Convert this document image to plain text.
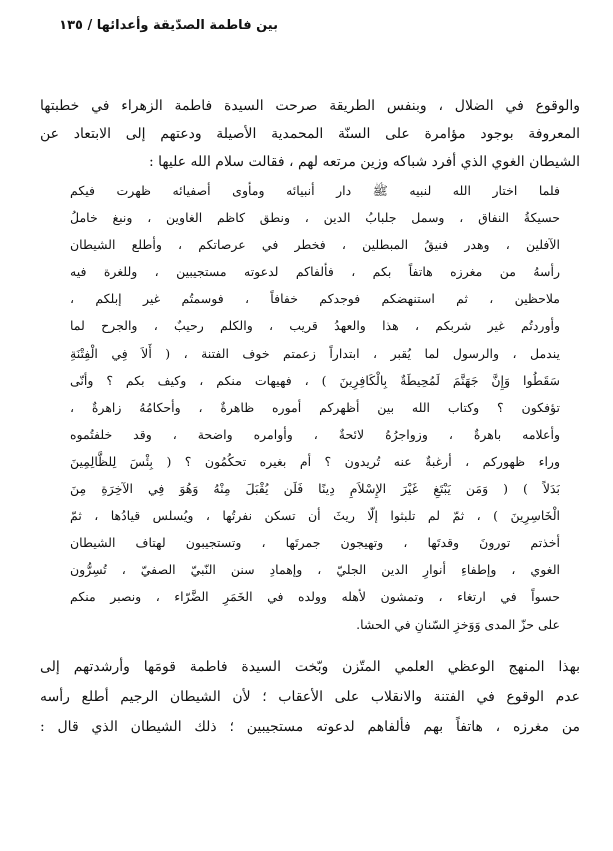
بين فاطمة الصدّيقة وأعدائها / ١٣٥
والوقوع في الضلال ، وبنفس الطريقة صرحت السيدة فاطمة الزهراء في خطبتها
المعروفة بوجود مؤامرة على السنّة المحمدية الأصيلة ودعتهم إلى الابتعاد عن
الشيطان الغوي الذي أفرد شباكه وزين مرتعه لهم ، فقالت سلام الله عليها :
فلما اختار الله لنبيه ﷺ دار أنبيائه ومأوى أصفيائه ظهرت فيكم
حسيكةُ النفاق ، وسمل جلبابُ الدين ، ونطق كاظم الغاوين ، ونبغ خاملُ
الآفلين ، وهدر فنيقُ المبطلين ، فخطر في عرصاتكم ، وأطلع الشيطان
رأسهُ من مغرزه هاتفاً بكم ، فألفاكم لدعوته مستجيبين ، وللغرة فيه
ملاحظين ، ثم استنهضكم فوجدكم خفافاً ، فوسمتُم غير إبلكم ،
وأوردتُم غير شربكم ، هذا والعهدُ قريب ، والكلم رحيبٌ ، والجرح لما
يندمل ، والرسول لما يُقبر ، ابتداراً زعمتم خوف الفتنة ، ( أَلاَ فِي الْفِتْنَةِ
سَقَطُوا وَإِنَّ جَهَنَّمَ لَمُحِيطَةٌ بِالْكَافِرِينَ ) ، فهيهات منكم ، وكيف بكم ؟ وأنّى
تؤفكون ؟ وكتاب الله بين أظهركم أموره ظاهرةٌ ، وأحكامُهُ زاهرةٌ ،
وأعلامه باهرةٌ ، وزواجرُهُ لائحةٌ ، وأوامره واضحة ، وقد خلفتُموه
وراء ظهوركم ، أرغبةٌ عنه تُريدون ؟ أم بغيره تحكُمُون ؟ ( بِئْسَ لِلظَّالِمِينَ
بَدَلاً ) ( وَمَن يَبْتَغِ غَيْرَ الإِسْلاَمِ دِينًا فَلَن يُقْبَلَ مِنْهُ وَهُوَ فِي الآخِرَةِ مِنَ
الْخَاسِرِينَ ) ، ثمّ لم تلبثوا إلّا ريثَ أن تسكن نفرتُها ، ويُسلس قيادُها ، ثمّ
أخذتم تورونَ وقدتَها ، وتهيجون جمرتَها ، وتستجيبون لهتاف الشيطان
الغوي ، وإطفاءِ أنوارِ الدين الجليّ ، وإهمادِ سنن النّبيّ الصفيّ ، تُسِرُّون
حسواً في ارتغاء ، وتمشون لأهله وولده في الخَمَرِ الضَّرّاء ، ونصبر منكم
على حزّ المدى وَوَخزِ السّنانِ في الحشا.
بهذا المنهج الوعظي العلمي المتّزن وبّخت السيدة فاطمة قومَها وأرشدتهم إلى
عدم الوقوع في الفتنة والانقلاب على الأعقاب ؛ لأن الشيطان الرجيم أطلع رأسه
من مغرزه ، هاتفاً بهم فألفاهم لدعوته مستجيبين ؛ ذلك الشيطان الذي قال :
